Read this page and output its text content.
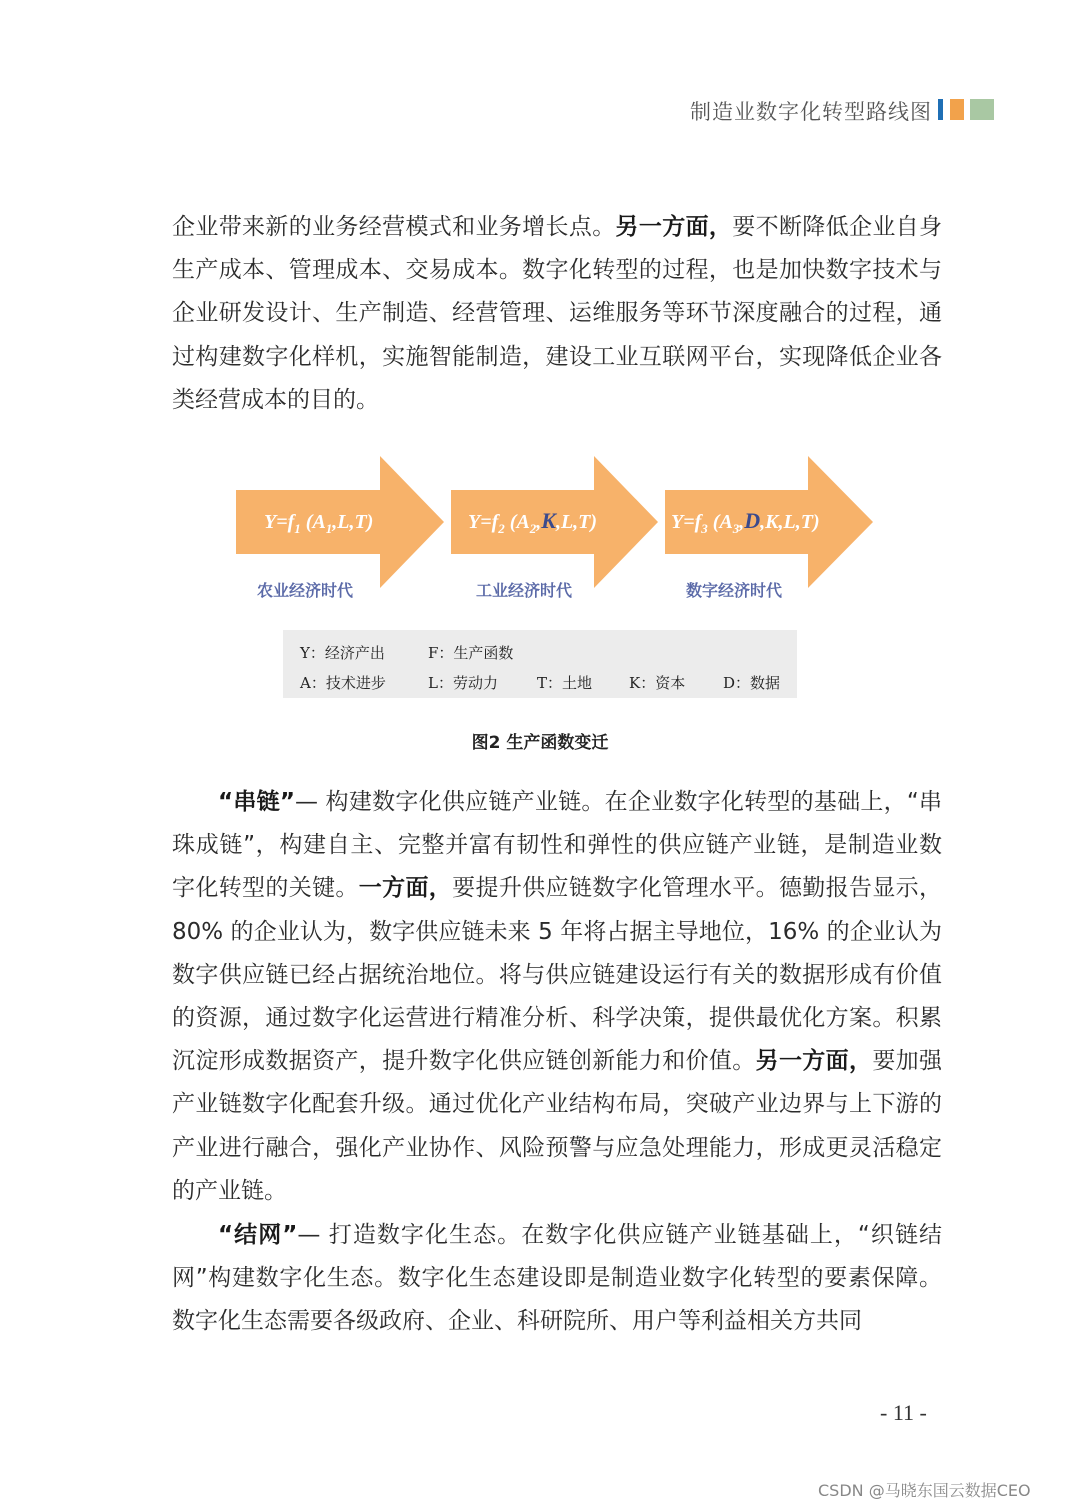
制造业数字化转型路线图

企业带来新的业务经营模式和业务增长点。另一方面，要不断降低企业自身生产成本、管理成本、交易成本。数字化转型的过程，也是加快数字技术与企业研发设计、生产制造、经营管理、运维服务等环节深度融合的过程，通过构建数字化样机，实施智能制造，建设工业互联网平台，实现降低企业各类经营成本的目的。

$Y=f_1$ $(A_1,L,T)$	$Y=f_2$ $(A_2,K,L,T)$	$Y=f_3$ $(A_3,D,K,L,T)$
农业经济时代	工业经济时代	数字经济时代
Y：经济产出	F：生产函数
A：技术进步	L：劳动力	T：土地 K：资本	D：数据
图2 生产函数变迁

“串链”— 构建数字化供应链产业链。在企业数字化转型的基础上，“串珠成链”，构建自主、完整并富有韧性和弹性的供应链产业链，是制造业数字化转型的关键。一方面，要提升供应链数字化管理水平。德勤报告显示，80% 的企业认为，数字供应链未来 5 年将占据主导地位，16% 的企业认为数字供应链已经占据统治地位。将与供应链建设运行有关的数据形成有价值的资源，通过数字化运营进行精准分析、科学决策，提供最优化方案。积累沉淀形成数据资产，提升数字化供应链创新能力和价值。另一方面，要加强产业链数字化配套升级。通过优化产业结构布局，突破产业边界与上下游的产业进行融合，强化产业协作、风险预警与应急处理能力，形成更灵活稳定的产业链。

“结网”— 打造数字化生态。在数字化供应链产业链基础上，“织链结网”构建数字化生态。数字化生态建设即是制造业数字化转型的要素保障。数字化生态需要各级政府、企业、科研院所、用户等利益相关方共同

- 11 -
CSDN @马晓东国云数据CEO
